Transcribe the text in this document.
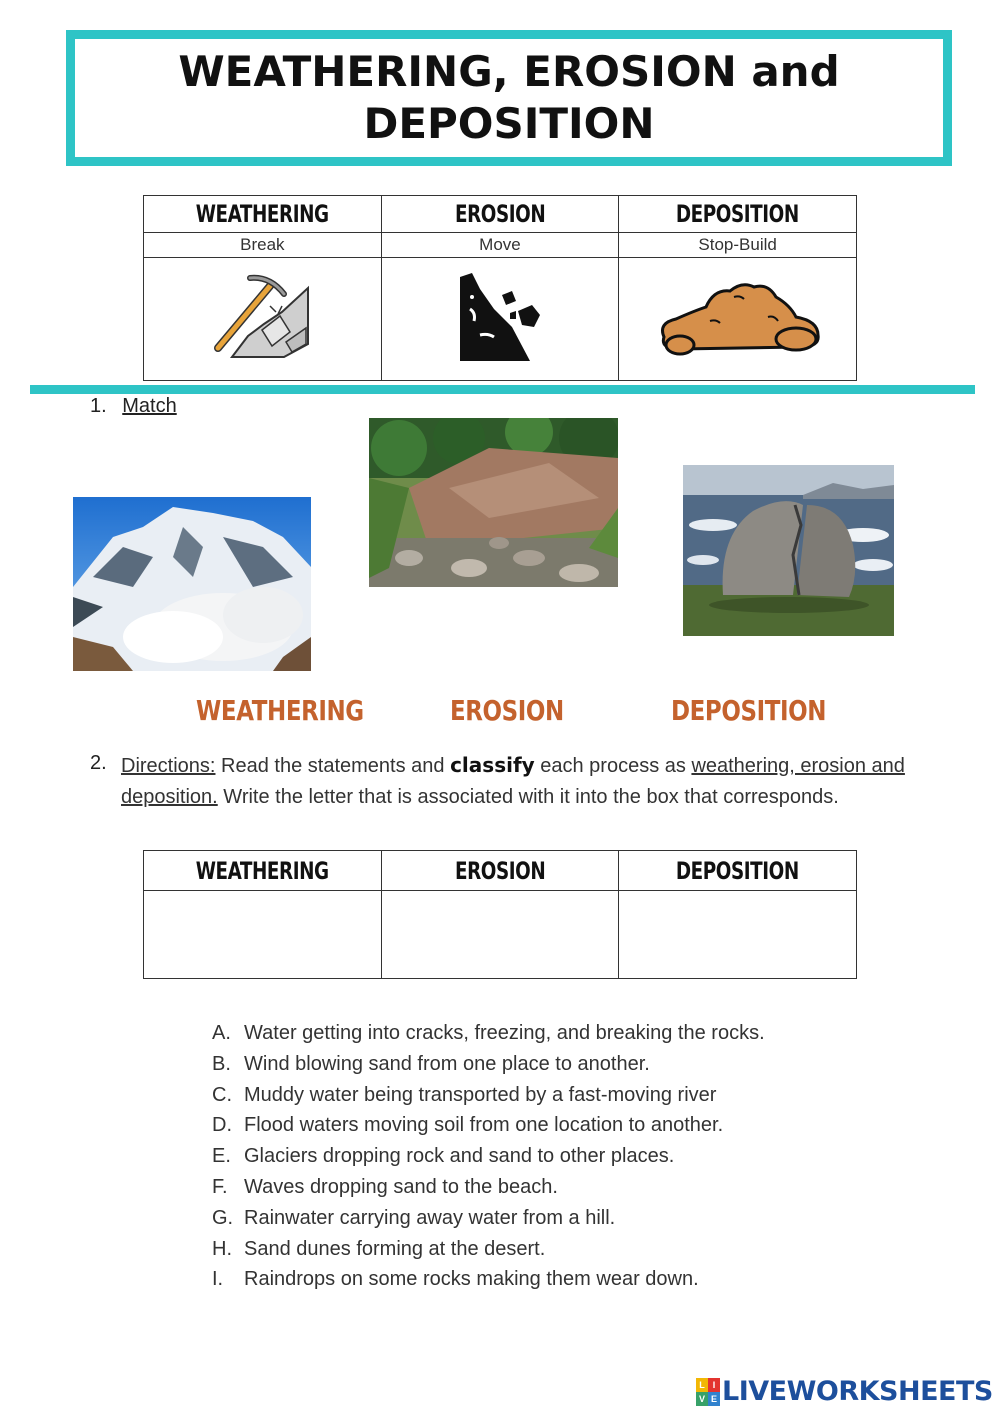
WEATHERING, EROSION and DEPOSITION
WEATHERING	EROSION	DEPOSITION
Break	Move	Stop-Build

1. Match
WEATHERING	EROSION	DEPOSITION
2. Directions: Read the statements and classify each process as weathering, erosion and deposition. Write the letter that is associated with it into the box that corresponds.
WEATHERING	EROSION	DEPOSITION

A. Water getting into cracks, freezing, and breaking the rocks.
B. Wind blowing sand from one place to another.
C. Muddy water being transported by a fast-moving river
D. Flood waters moving soil from one location to another.
E. Glaciers dropping rock and sand to other places.
F. Waves dropping sand to the beach.
G. Rainwater carrying away water from a hill.
H. Sand dunes forming at the desert.
I.	Raindrops on some rocks making them wear down.
L I
V E LIVEWORKSHEETS
